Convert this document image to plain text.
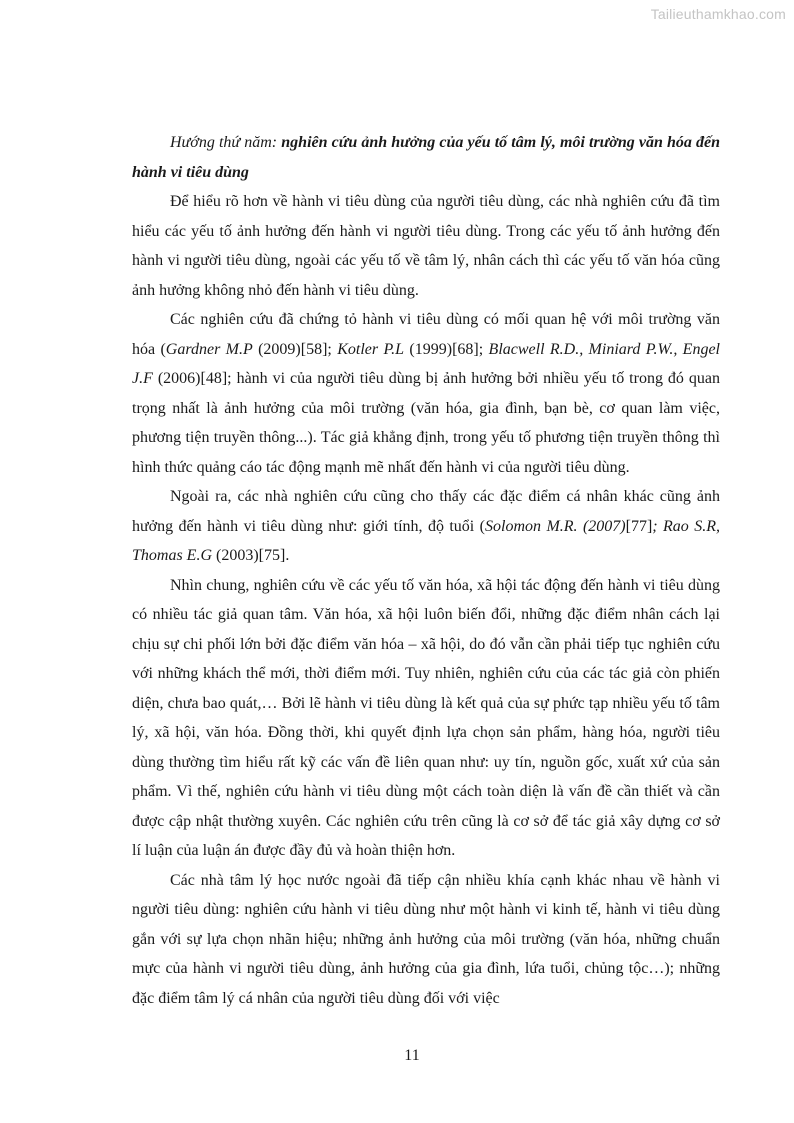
Tailieuthamkhao.com

Hướng thứ năm: nghiên cứu ảnh hưởng của yếu tố tâm lý, môi trường văn hóa đến hành vi tiêu dùng

Để hiểu rõ hơn về hành vi tiêu dùng của người tiêu dùng, các nhà nghiên cứu đã tìm hiểu các yếu tố ảnh hưởng đến hành vi người tiêu dùng. Trong các yếu tố ảnh hưởng đến hành vi người tiêu dùng, ngoài các yếu tố về tâm lý, nhân cách thì các yếu tố văn hóa cũng ảnh hưởng không nhỏ đến hành vi tiêu dùng.

Các nghiên cứu đã chứng tỏ hành vi tiêu dùng có mối quan hệ với môi trường văn hóa (Gardner M.P (2009)[58]; Kotler P.L (1999)[68]; Blacwell R.D., Miniard P.W., Engel J.F (2006)[48]; hành vi của người tiêu dùng bị ảnh hưởng bởi nhiều yếu tố trong đó quan trọng nhất là ảnh hưởng của môi trường (văn hóa, gia đình, bạn bè, cơ quan làm việc, phương tiện truyền thông...). Tác giả khẳng định, trong yếu tố phương tiện truyền thông thì hình thức quảng cáo tác động mạnh mẽ nhất đến hành vi của người tiêu dùng.

Ngoài ra, các nhà nghiên cứu cũng cho thấy các đặc điểm cá nhân khác cũng ảnh hưởng đến hành vi tiêu dùng như: giới tính, độ tuổi (Solomon M.R. (2007)[77]; Rao S.R, Thomas E.G (2003)[75].

Nhìn chung, nghiên cứu về các yếu tố văn hóa, xã hội tác động đến hành vi tiêu dùng có nhiều tác giả quan tâm. Văn hóa, xã hội luôn biến đổi, những đặc điểm nhân cách lại chịu sự chi phối lớn bởi đặc điểm văn hóa – xã hội, do đó vẫn cần phải tiếp tục nghiên cứu với những khách thể mới, thời điểm mới. Tuy nhiên, nghiên cứu của các tác giả còn phiến diện, chưa bao quát,… Bởi lẽ hành vi tiêu dùng là kết quả của sự phức tạp nhiều yếu tố tâm lý, xã hội, văn hóa. Đồng thời, khi quyết định lựa chọn sản phẩm, hàng hóa, người tiêu dùng thường tìm hiểu rất kỹ các vấn đề liên quan như: uy tín, nguồn gốc, xuất xứ của sản phẩm. Vì thế, nghiên cứu hành vi tiêu dùng một cách toàn diện là vấn đề cần thiết và cần được cập nhật thường xuyên. Các nghiên cứu trên cũng là cơ sở để tác giả xây dựng cơ sở lí luận của luận án được đầy đủ và hoàn thiện hơn.

Các nhà tâm lý học nước ngoài đã tiếp cận nhiều khía cạnh khác nhau về hành vi người tiêu dùng: nghiên cứu hành vi tiêu dùng như một hành vi kinh tế, hành vi tiêu dùng gắn với sự lựa chọn nhãn hiệu; những ảnh hưởng của môi trường (văn hóa, những chuẩn mực của hành vi người tiêu dùng, ảnh hưởng của gia đình, lứa tuổi, chủng tộc…); những đặc điểm tâm lý cá nhân của người tiêu dùng đối với việc

11
